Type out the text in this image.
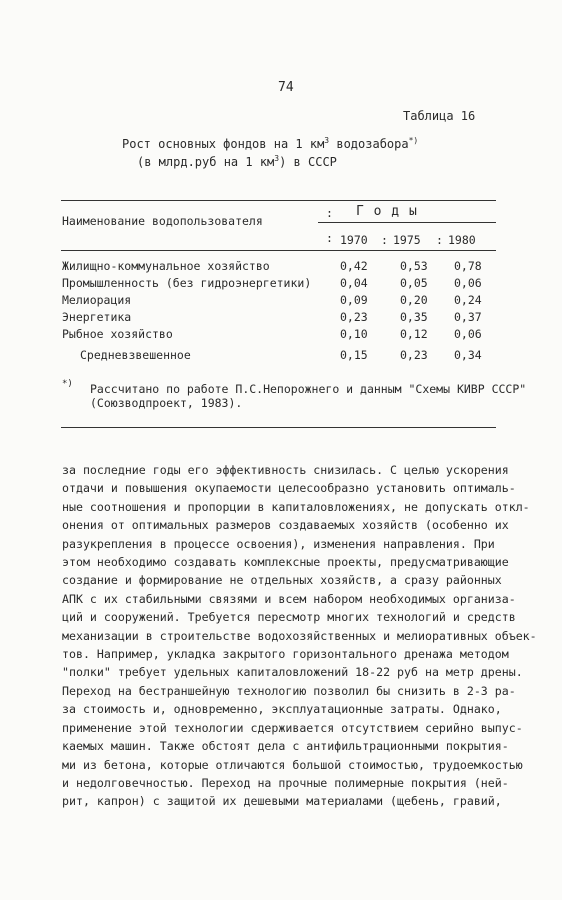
74
Таблица 16
Рост основных фондов на 1 $км^3$ водозабора*)
(в млрд.руб на 1 $км^3$) в СССР
Наименование водопользователя
: Г о д ы
: 1970 : 1975 : 1980
Жилищно-коммунальное хозяйство	0,42	0,53	0,78
Промышленность (без гидроэнергетики)	0,04	0,05	0,06
Мелиорация	0,09	0,20	0,24
Энергетика	0,23	0,35	0,37
Рыбное хозяйство	0,10	0,12	0,06
Средневзвешенное	0,15	0,23	0,34
*) Рассчитано по работе П.С.Непорожнего и данным "Схемы КИВР СССР"
(Союзводпроект, 1983).
за последние годы его эффективность снизилась. С целью ускорения
отдачи и повышения окупаемости целесообразно установить оптималь-
ные соотношения и пропорции в капиталовложениях, не допускать откл-
онения от оптимальных размеров создаваемых хозяйств (особенно их
разукрепления в процессе освоения), изменения направления. При
этом необходимо создавать комплексные проекты, предусматривающие
создание и формирование не отдельных хозяйств, а сразу районных
АПК с их стабильными связями и всем набором необходимых организа-
ций и сооружений. Требуется пересмотр многих технологий и средств
механизации в строительстве водохозяйственных и мелиоративных объек-
тов. Например, укладка закрытого горизонтального дренажа методом
"полки" требует удельных капиталовложений 18-22 руб на метр дрены.
Переход на бестраншейную технологию позволил бы снизить в 2-3 ра-
за стоимость и, одновременно, эксплуатационные затраты. Однако,
применение этой технологии сдерживается отсутствием серийно выпус-
каемых машин. Также обстоят дела с антифильтрационными покрытия-
ми из бетона, которые отличаются большой стоимостью, трудоемкостью
и недолговечностью. Переход на прочные полимерные покрытия (ней-
рит, капрон) с защитой их дешевыми материалами (щебень, гравий,
